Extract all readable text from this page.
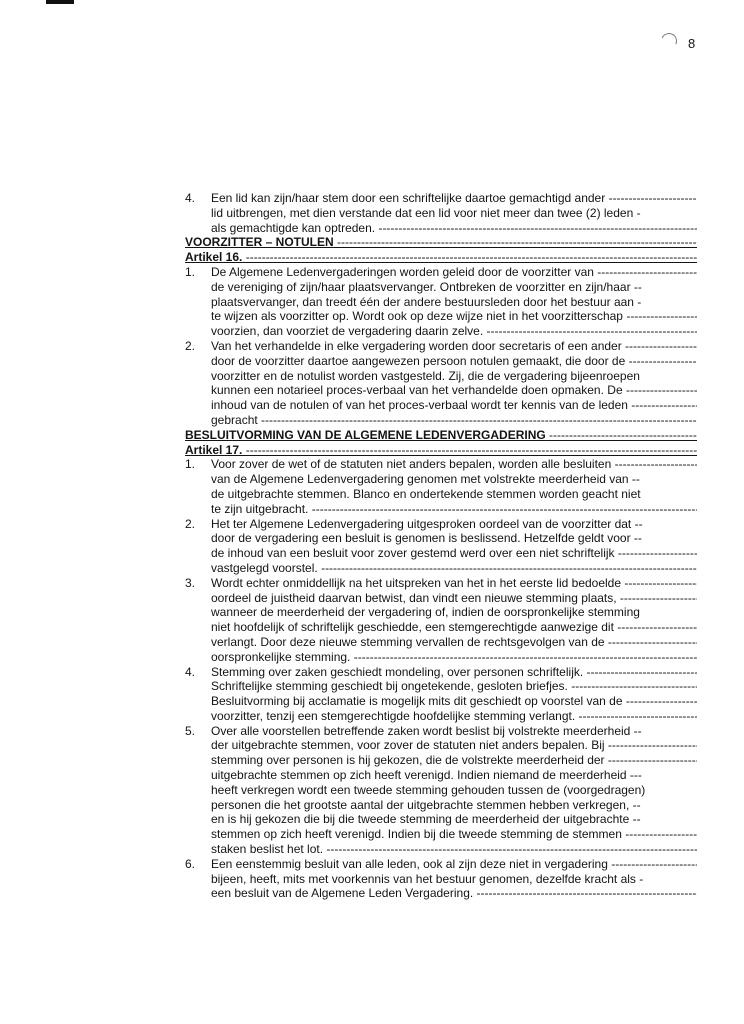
8
4.	Een lid kan zijn/haar stem door een schriftelijke daartoe gemachtigd ander -----
lid uitbrengen, met dien verstande dat een lid voor niet meer dan twee (2) leden -
als gemachtigde kan optreden. -----
VOORZITTER – NOTULEN -----
Artikel 16. -----
1.	De Algemene Ledenvergaderingen worden geleid door de voorzitter van -----
de vereniging of zijn/haar plaatsvervanger. Ontbreken de voorzitter en zijn/haar --
plaatsvervanger, dan treedt één der andere bestuursleden door het bestuur aan -
te wijzen als voorzitter op. Wordt ook op deze wijze niet in het voorzitterschap -----
voorzien, dan voorziet de vergadering daarin zelve. -----
2.	Van het verhandelde in elke vergadering worden door secretaris of een ander -----
door de voorzitter daartoe aangewezen persoon notulen gemaakt, die door de -----
voorzitter en de notulist worden vastgesteld. Zij, die de vergadering bijeenroepen
kunnen een notarieel proces-verbaal van het verhandelde doen opmaken. De -----
inhoud van de notulen of van het proces-verbaal wordt ter kennis van de leden -----
gebracht -----
BESLUITVORMING VAN DE ALGEMENE LEDENVERGADERING -----
Artikel 17. -----
1.	Voor zover de wet of de statuten niet anders bepalen, worden alle besluiten -----
van de Algemene Ledenvergadering genomen met volstrekte meerderheid van --
de uitgebrachte stemmen. Blanco en ondertekende stemmen worden geacht niet
te zijn uitgebracht. -----
2.	Het ter Algemene Ledenvergadering uitgesproken oordeel van de voorzitter dat --
door de vergadering een besluit is genomen is beslissend. Hetzelfde geldt voor --
de inhoud van een besluit voor zover gestemd werd over een niet schriftelijk -----
vastgelegd voorstel. -----
3.	Wordt echter onmiddellijk na het uitspreken van het in het eerste lid bedoelde -----
oordeel de juistheid daarvan betwist, dan vindt een nieuwe stemming plaats, -----
wanneer de meerderheid der vergadering of, indien de oorspronkelijke stemming
niet hoofdelijk of schriftelijk geschiedde, een stemgerechtigde aanwezige dit -----
verlangt. Door deze nieuwe stemming vervallen de rechtsgevolgen van de -----
oorspronkelijke stemming. -----
4.	Stemming over zaken geschiedt mondeling, over personen schriftelijk. -----
Schriftelijke stemming geschiedt bij ongetekende, gesloten briefjes. -----
Besluitvorming bij acclamatie is mogelijk mits dit geschiedt op voorstel van de -----
voorzitter, tenzij een stemgerechtigde hoofdelijke stemming verlangt. -----
5.	Over alle voorstellen betreffende zaken wordt beslist bij volstrekte meerderheid --
der uitgebrachte stemmen, voor zover de statuten niet anders bepalen. Bij -----
stemming over personen is hij gekozen, die de volstrekte meerderheid der -----
uitgebrachte stemmen op zich heeft verenigd. Indien niemand de meerderheid ---
heeft verkregen wordt een tweede stemming gehouden tussen de (voorgedragen)
personen die het grootste aantal der uitgebrachte stemmen hebben verkregen, --
en is hij gekozen die bij die tweede stemming de meerderheid der uitgebrachte --
stemmen op zich heeft verenigd. Indien bij die tweede stemming de stemmen -----
staken beslist het lot. -----
6.	Een eenstemmig besluit van alle leden, ook al zijn deze niet in vergadering -----
bijeen, heeft, mits met voorkennis van het bestuur genomen, dezelfde kracht als -
een besluit van de Algemene Leden Vergadering. -----
